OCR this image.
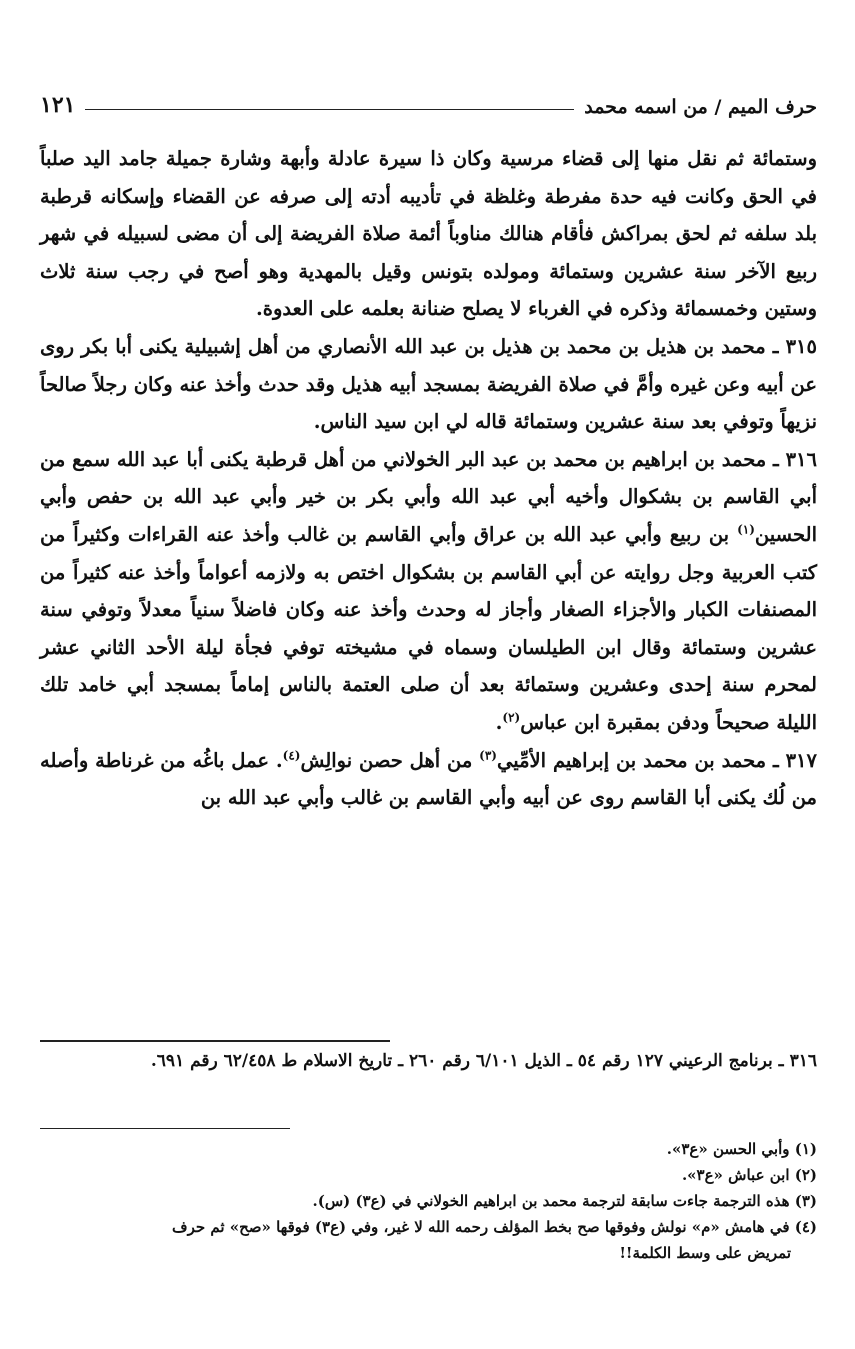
حرف الميم / من اسمه محمد
١٢١

وستمائة ثم نقل منها إلى قضاء مرسية وكان ذا سيرة عادلة وأبهة وشارة جميلة جامد اليد صلباً في الحق وكانت فيه حدة مفرطة وغلظة في تأديبه أدته إلى صرفه عن القضاء وإسكانه قرطبة بلد سلفه ثم لحق بمراكش فأقام هنالك مناوباً أئمة صلاة الفريضة إلى أن مضى لسبيله في شهر ربيع الآخر سنة عشرين وستمائة ومولده بتونس وقيل بالمهدية وهو أصح في رجب سنة ثلاث وستين وخمسمائة وذكره في الغرباء لا يصلح ضنانة بعلمه على العدوة.

٣١٥ ـ محمد بن هذيل بن محمد بن هذيل بن عبد الله الأنصاري من أهل إشبيلية يكنى أبا بكر روى عن أبيه وعن غيره وأمَّ في صلاة الفريضة بمسجد أبيه هذيل وقد حدث وأخذ عنه وكان رجلاً صالحاً نزيهاً وتوفي بعد سنة عشرين وستمائة قاله لي ابن سيد الناس.

٣١٦ ـ محمد بن ابراهيم بن محمد بن عبد البر الخولاني من أهل قرطبة يكنى أبا عبد الله سمع من أبي القاسم بن بشكوال وأخيه أبي عبد الله وأبي بكر بن خير وأبي عبد الله بن حفص وأبي الحسين$^{(١)}$ بن ربيع وأبي عبد الله بن عراق وأبي القاسم بن غالب وأخذ عنه القراءات وكثيراً من كتب العربية وجل روايته عن أبي القاسم بن بشكوال اختص به ولازمه أعواماً وأخذ عنه كثيراً من المصنفات الكبار والأجزاء الصغار وأجاز له وحدث وأخذ عنه وكان فاضلاً سنياً معدلاً وتوفي سنة عشرين وستمائة وقال ابن الطيلسان وسماه في مشيخته توفي فجأة ليلة الأحد الثاني عشر لمحرم سنة إحدى وعشرين وستمائة بعد أن صلى العتمة بالناس إماماً بمسجد أبي خامد تلك الليلة صحيحاً ودفن بمقبرة ابن عباس$^{(٢)}$.

٣١٧ ـ محمد بن محمد بن إبراهيم الأمِّيي$^{(٣)}$ من أهل حصن نوالِش$^{(٤)}$. عمل باغُه من غرناطة وأصله من لُك يكنى أبا القاسم روى عن أبيه وأبي القاسم بن غالب وأبي عبد الله بن

٣١٦ ـ برنامج الرعيني ١٢٧ رقم ٥٤ ـ الذيل ٦/١٠١ رقم ٢٦٠ ـ تاريخ الاسلام ط ٦٢/٤٥٨ رقم ٦٩١.
(١) وأبي الحسن «ع٣».
(٢) ابن عباش «ع٣».
(٣) هذه الترجمة جاءت سابقة لترجمة محمد بن ابراهيم الخولاني في (ع٣) (س).
(٤) في هامش «م» نولش وفوقها صح بخط المؤلف رحمه الله لا غير، وفي (ع٣) فوقها «صح» ثم حرف
تمريض على وسط الكلمة!!
